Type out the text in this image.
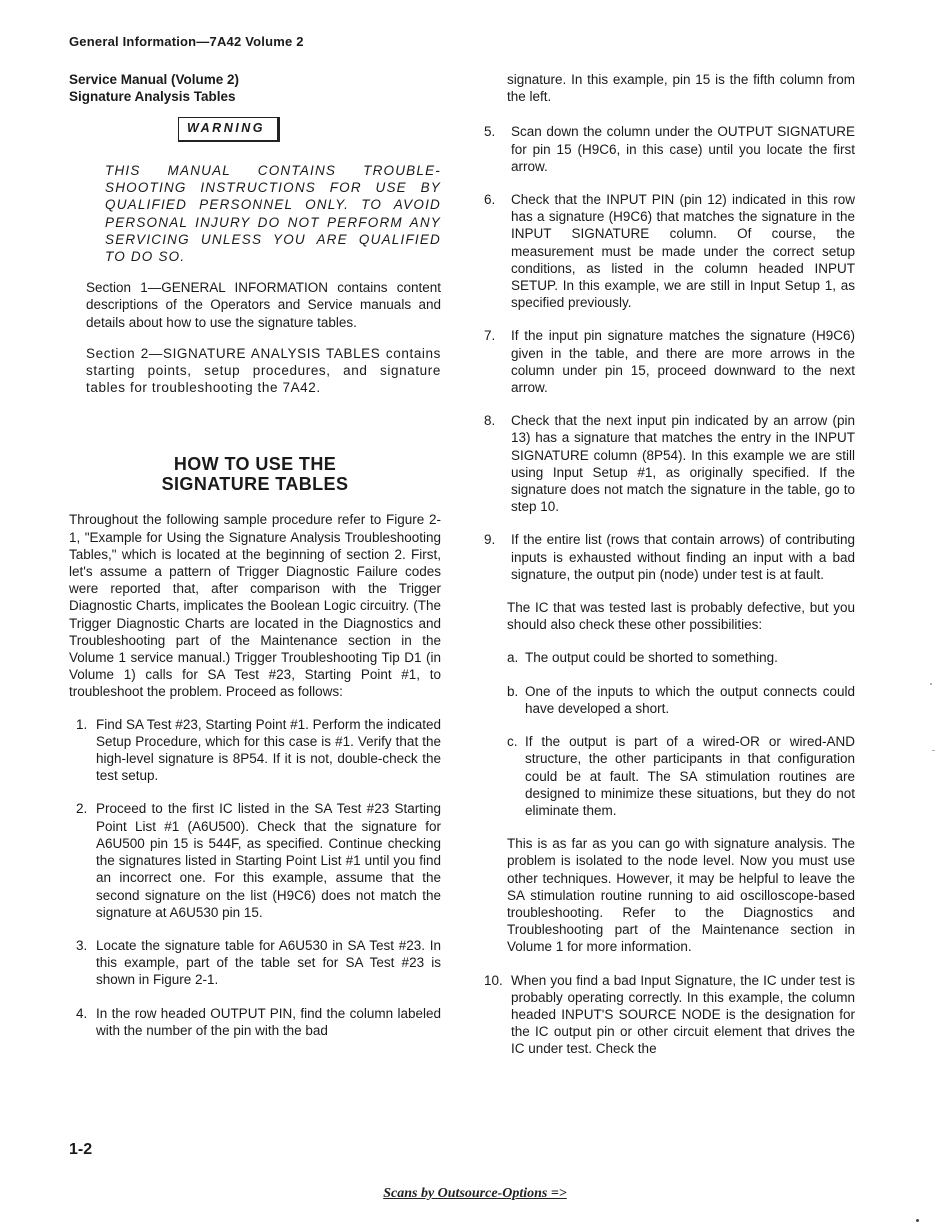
General Information—7A42 Volume 2

Service Manual (Volume 2)

Signature Analysis Tables

WARNING

THIS MANUAL CONTAINS TROUBLE-SHOOTING INSTRUCTIONS FOR USE BY QUALIFIED PERSONNEL ONLY. TO AVOID PERSONAL INJURY DO NOT PERFORM ANY SERVICING UNLESS YOU ARE QUALIFIED TO DO SO.

Section 1—GENERAL INFORMATION contains content descriptions of the Operators and Service manuals and details about how to use the signature tables.

Section 2—SIGNATURE ANALYSIS TABLES contains starting points, setup procedures, and signature tables for troubleshooting the 7A42.

HOW TO USE THE
SIGNATURE TABLES

Throughout the following sample procedure refer to Figure 2-1, "Example for Using the Signature Analysis Troubleshooting Tables," which is located at the beginning of section 2. First, let's assume a pattern of Trigger Diagnostic Failure codes were reported that, after comparison with the Trigger Diagnostic Charts, implicates the Boolean Logic circuitry. (The Trigger Diagnostic Charts are located in the Diagnostics and Troubleshooting part of the Maintenance section in the Volume 1 service manual.) Trigger Troubleshooting Tip D1 (in Volume 1) calls for SA Test #23, Starting Point #1, to troubleshoot the problem. Proceed as follows:

1. Find SA Test #23, Starting Point #1. Perform the indicated Setup Procedure, which for this case is #1. Verify that the high-level signature is 8P54. If it is not, double-check the test setup.
2. Proceed to the first IC listed in the SA Test #23 Starting Point List #1 (A6U500). Check that the signature for A6U500 pin 15 is 544F, as specified. Continue checking the signatures listed in Starting Point List #1 until you find an incorrect one. For this example, assume that the second signature on the list (H9C6) does not match the signature at A6U530 pin 15.
3. Locate the signature table for A6U530 in SA Test #23. In this example, part of the table set for SA Test #23 is shown in Figure 2-1.
4. In the row headed OUTPUT PIN, find the column labeled with the number of the pin with the bad

signature. In this example, pin 15 is the fifth column from the left.

5.	Scan down the column under the OUTPUT SIGNATURE for pin 15 (H9C6, in this case) until you locate the first arrow.
6.	Check that the INPUT PIN (pin 12) indicated in this row has a signature (H9C6) that matches the signature in the INPUT SIGNATURE column. Of course, the measurement must be made under the correct setup conditions, as listed in the column headed INPUT SETUP. In this example, we are still in Input Setup 1, as specified previously.
7.	If the input pin signature matches the signature (H9C6) given in the table, and there are more arrows in the column under pin 15, proceed downward to the next arrow.
8.	Check that the next input pin indicated by an arrow (pin 13) has a signature that matches the entry in the INPUT SIGNATURE column (8P54). In this example we are still using Input Setup #1, as originally specified. If the signature does not match the signature in the table, go to step 10.
9.	If the entire list (rows that contain arrows) of contributing inputs is exhausted without finding an input with a bad signature, the output pin (node) under test is at fault.

The IC that was tested last is probably defective, but you should also check these other possibilities:

a. The output could be shorted to something.
b. One of the inputs to which the output connects could have developed a short.
c. If the output is part of a wired-OR or wired-AND structure, the other participants in that configuration could be at fault. The SA stimulation routines are designed to minimize these situations, but they do not eliminate them.

This is as far as you can go with signature analysis. The problem is isolated to the node level. Now you must use other techniques. However, it may be helpful to leave the SA stimulation routine running to aid oscilloscope-based troubleshooting. Refer to the Diagnostics and Troubleshooting part of the Maintenance section in Volume 1 for more information.

10. When you find a bad Input Signature, the IC under test is probably operating correctly. In this example, the column headed INPUT'S SOURCE NODE is the designation for the IC output pin or other circuit element that drives the IC under test. Check the
1-2
Scans by Outsource-Options =>
